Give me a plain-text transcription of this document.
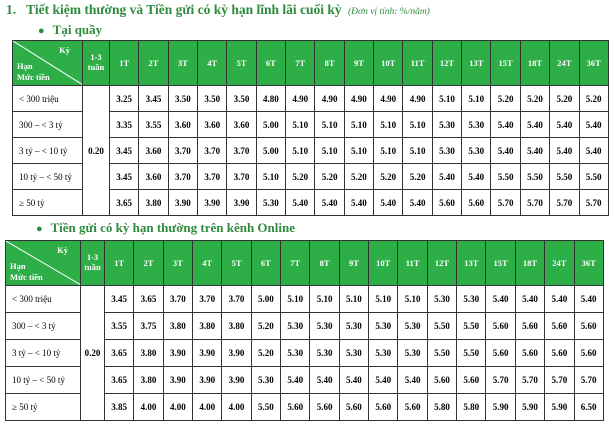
1. Tiết kiệm thường và Tiền gửi có kỳ hạn lĩnh lãi cuối kỳ (Đơn vị tính: %/năm)
● Tại quầy
Kỳ
Hạn
Mức tiền	1-3 tuần	1T	2T	3T	4T	5T	6T	7T	8T	9T	10T	11T	12T	13T	15T	18T	24T	36T
< 300 triệu	0.20	3.25	3.45	3.50	3.50	3.50	4.80	4.90	4.90	4.90	4.90	4.90	5.10	5.10	5.20	5.20	5.20	5.20
300 – < 3 tỷ		3.35	3.55	3.60	3.60	3.60	5.00	5.10	5.10	5.10	5.10	5.10	5.30	5.30	5.40	5.40	5.40	5.40
3 tỷ – < 10 tỷ		3.45	3.60	3.70	3.70	3.70	5.00	5.10	5.10	5.10	5.10	5.10	5.30	5.30	5.40	5.40	5.40	5.40
10 tỷ – < 50 tỷ		3.45	3.60	3.70	3.70	3.70	5.10	5.20	5.20	5.20	5.20	5.20	5.40	5.40	5.50	5.50	5.50	5.50
≥ 50 tỷ		3.65	3.80	3.90	3.90	3.90	5.30	5.40	5.40	5.40	5.40	5.40	5.60	5.60	5.70	5.70	5.70	5.70
● Tiền gửi có kỳ hạn thường trên kênh Online
Kỳ
Hạn
Mức tiền	1-3 tuần	1T	2T	3T	4T	5T	6T	7T	8T	9T	10T	11T	12T	13T	15T	18T	24T	36T
< 300 triệu	0.20	3.45	3.65	3.70	3.70	3.70	5.00	5.10	5.10	5.10	5.10	5.10	5.30	5.30	5.40	5.40	5.40	5.40
300 – < 3 tỷ		3.55	3.75	3.80	3.80	3.80	5.20	5.30	5.30	5.30	5.30	5.30	5.50	5.50	5.60	5.60	5.60	5.60
3 tỷ – < 10 tỷ		3.65	3.80	3.90	3.90	3.90	5.20	5.30	5.30	5.30	5.30	5.30	5.50	5.50	5.60	5.60	5.60	5.60
10 tỷ – < 50 tỷ		3.65	3.80	3.90	3.90	3.90	5.30	5.40	5.40	5.40	5.40	5.40	5.60	5.60	5.70	5.70	5.70	5.70
≥ 50 tỷ		3.85	4.00	4.00	4.00	4.00	5.50	5.60	5.60	5.60	5.60	5.60	5.80	5.80	5.90	5.90	5.90	6.50
